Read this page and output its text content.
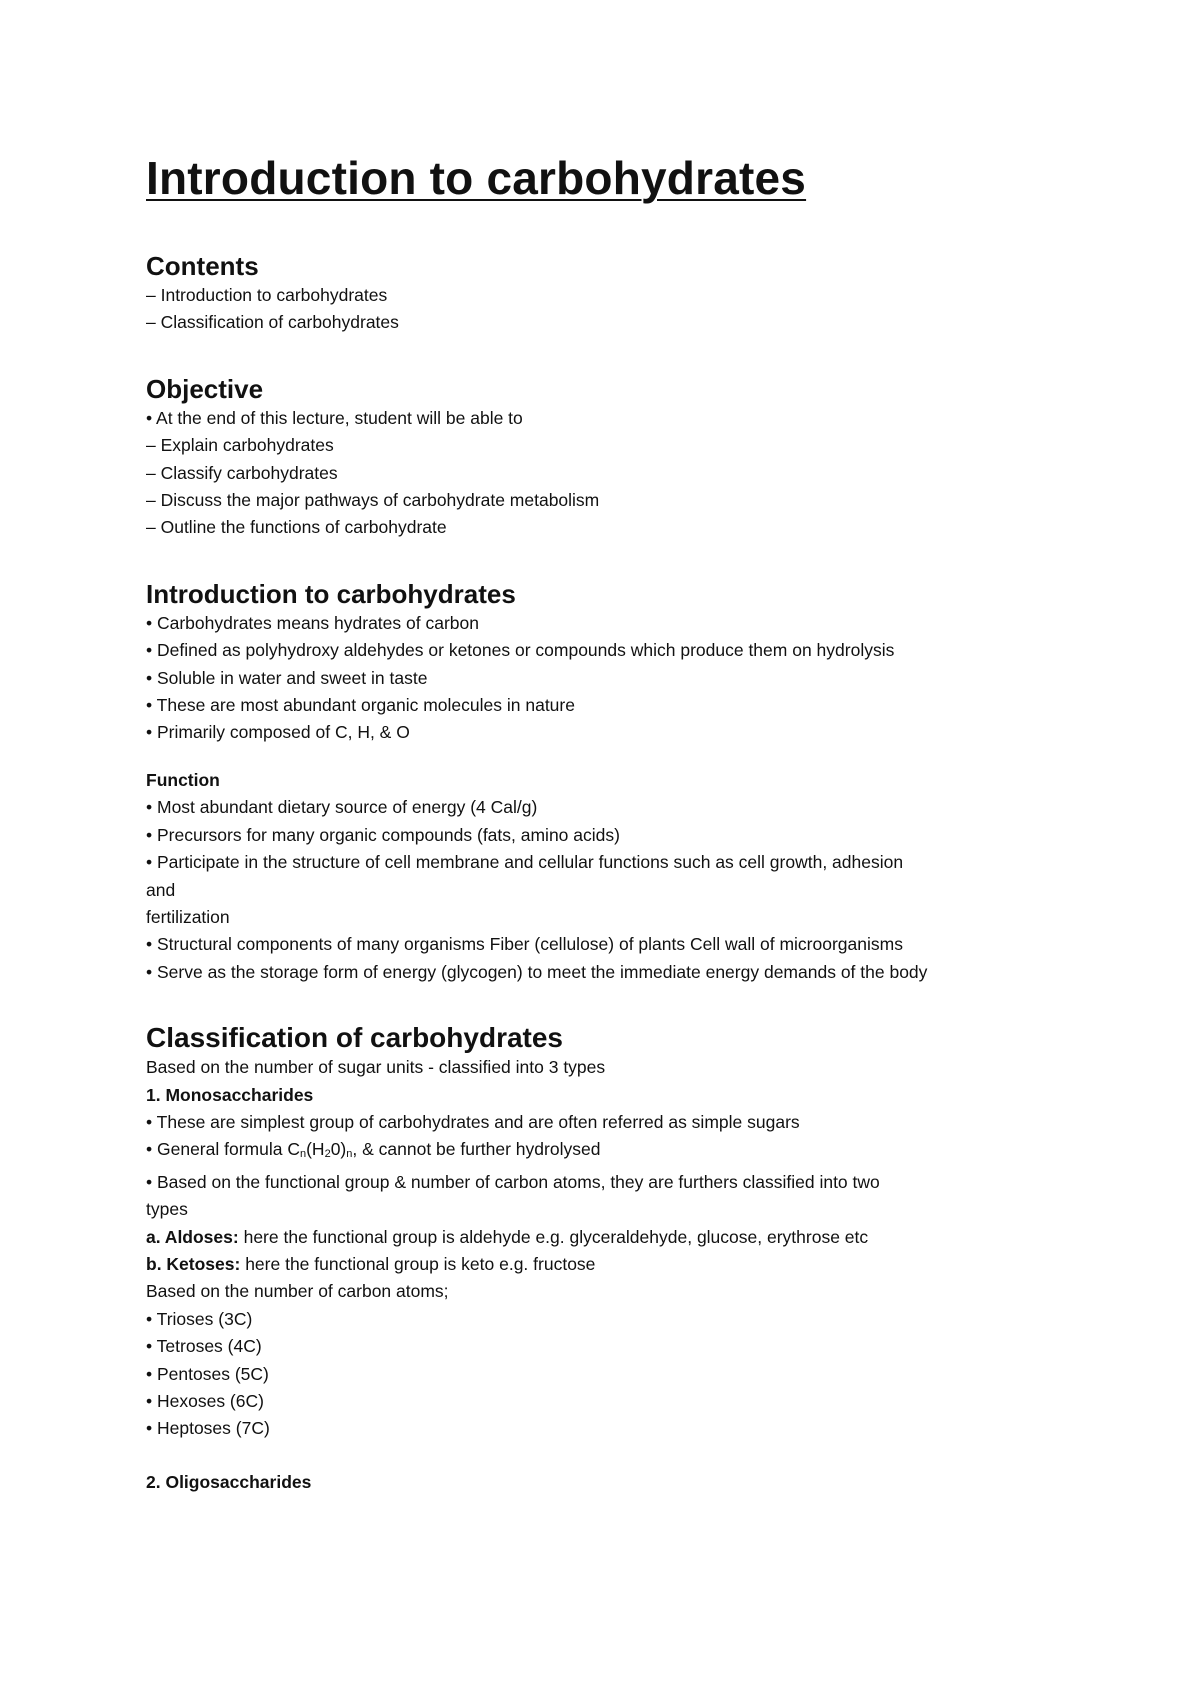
Introduction to carbohydrates
Contents

– Introduction to carbohydrates

– Classification of carbohydrates

Objective

• At the end of this lecture, student will be able to

– Explain carbohydrates

– Classify carbohydrates

– Discuss the major pathways of carbohydrate metabolism

– Outline the functions of carbohydrate

Introduction to carbohydrates

• Carbohydrates means hydrates of carbon

• Defined as polyhydroxy aldehydes or ketones or compounds which produce them on hydrolysis

• Soluble in water and sweet in taste

• These are most abundant organic molecules in nature

• Primarily composed of C, H, & O

Function

• Most abundant dietary source of energy (4 Cal/g)

• Precursors for many organic compounds (fats, amino acids)

• Participate in the structure of cell membrane and cellular functions such as cell growth, adhesion

and

fertilization

• Structural components of many organisms Fiber (cellulose) of plants Cell wall of microorganisms

• Serve as the storage form of energy (glycogen) to meet the immediate energy demands of the body

Classification of carbohydrates

Based on the number of sugar units - classified into 3 types

1. Monosaccharides

• These are simplest group of carbohydrates and are often referred as simple sugars

• General formula $C_n(H_20)_n$, & cannot be further hydrolysed

• Based on the functional group & number of carbon atoms, they are furthers classified into two

types

a. Aldoses: here the functional group is aldehyde e.g. glyceraldehyde, glucose, erythrose etc

b. Ketoses: here the functional group is keto e.g. fructose

Based on the number of carbon atoms;

• Trioses (3C)

• Tetroses (4C)

• Pentoses (5C)

• Hexoses (6C)

• Heptoses (7C)

2. Oligosaccharides
